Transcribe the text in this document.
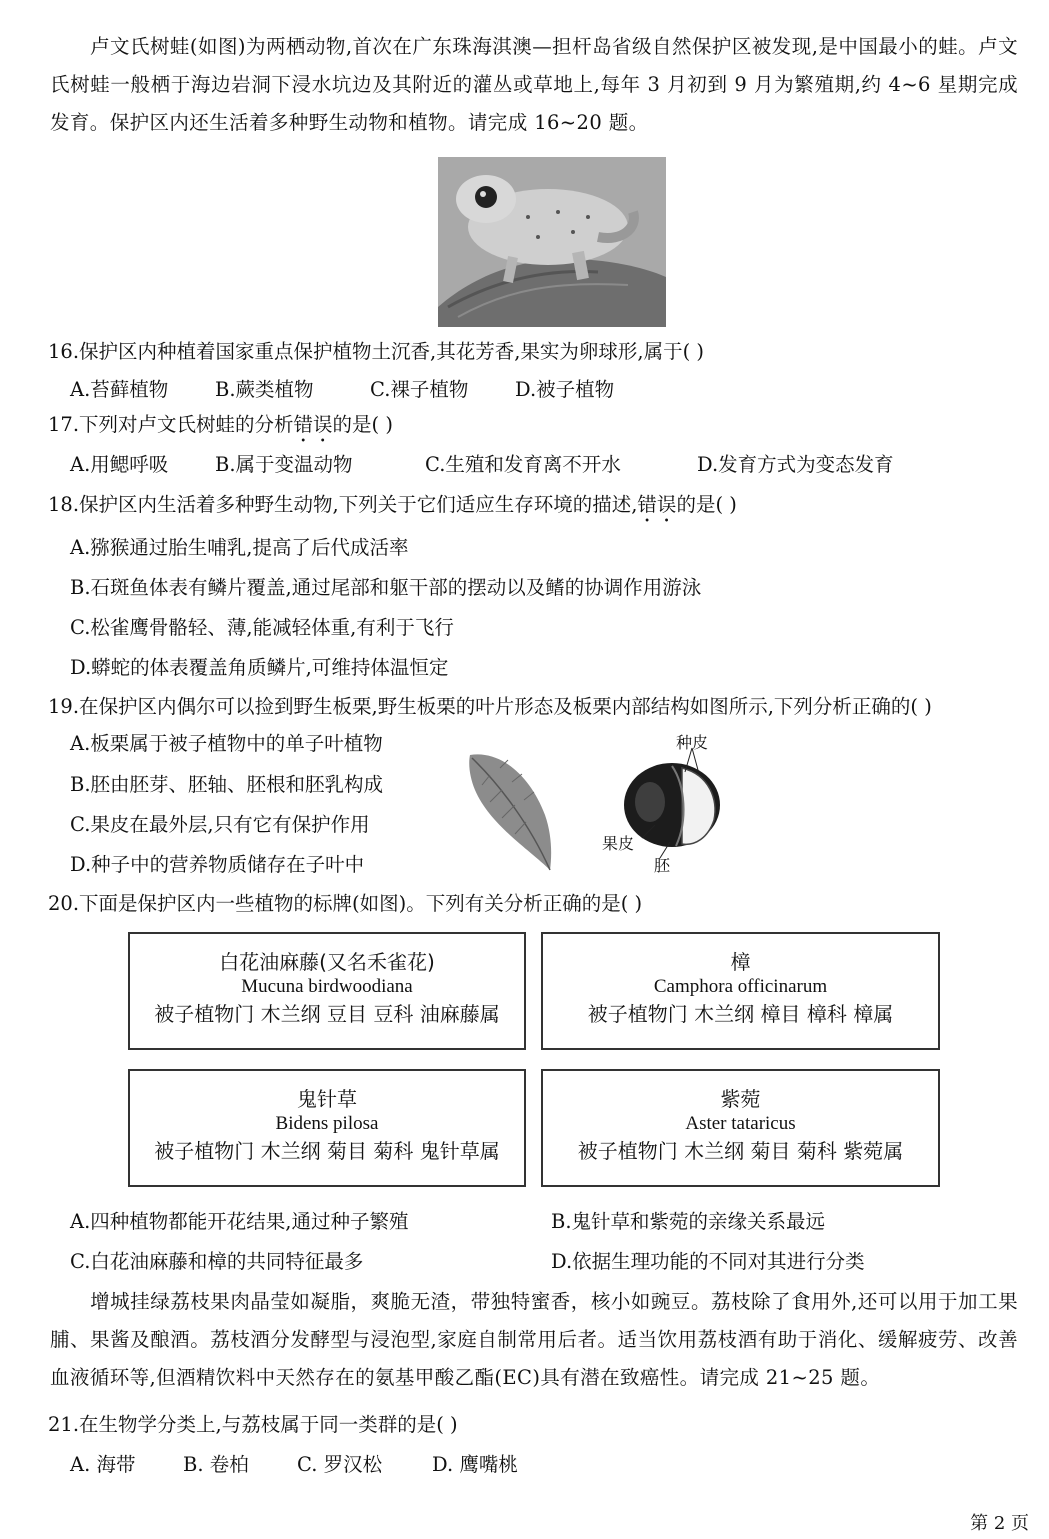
卢文氏树蛙(如图)为两栖动物,首次在广东珠海淇澳—担杆岛省级自然保护区被发现,是中国最小的蛙。卢文氏树蛙一般栖于海边岩洞下浸水坑边及其附近的灌丛或草地上,每年 3 月初到 9 月为繁殖期,约 4~6 星期完成发育。保护区内还生活着多种野生动物和植物。请完成 16~20 题。
16.保护区内种植着国家重点保护植物土沉香,其花芳香,果实为卵球形,属于( )
A.苔藓植物 B.蕨类植物	C.裸子植物 D.被子植物
17.下列对卢文氏树蛙的分析错误的是( )
A.用鳃呼吸 B.属于变温动物	C.生殖和发育离不开水	D.发育方式为变态发育
18.保护区内生活着多种野生动物,下列关于它们适应生存环境的描述,错误的是( )
A.猕猴通过胎生哺乳,提高了后代成活率
B.石斑鱼体表有鳞片覆盖,通过尾部和躯干部的摆动以及鳍的协调作用游泳
C.松雀鹰骨骼轻、薄,能减轻体重,有利于飞行
D.蟒蛇的体表覆盖角质鳞片,可维持体温恒定
19.在保护区内偶尔可以捡到野生板栗,野生板栗的叶片形态及板栗内部结构如图所示,下列分析正确的( )
A.板栗属于被子植物中的单子叶植物
B.胚由胚芽、胚轴、胚根和胚乳构成
C.果皮在最外层,只有它有保护作用
D.种子中的营养物质储存在子叶中
种皮
果皮
胚
20.下面是保护区内一些植物的标牌(如图)。下列有关分析正确的是( )
白花油麻藤(又名禾雀花)
Mucuna birdwoodiana
被子植物门 木兰纲 豆目 豆科 油麻藤属
樟
Camphora officinarum
被子植物门 木兰纲 樟目 樟科 樟属
鬼针草
Bidens pilosa
被子植物门 木兰纲 菊目 菊科 鬼针草属
紫菀
Aster tataricus
被子植物门 木兰纲 菊目 菊科 紫菀属
A.四种植物都能开花结果,通过种子繁殖	B.鬼针草和紫菀的亲缘关系最远
C.白花油麻藤和樟的共同特征最多	D.依据生理功能的不同对其进行分类
增城挂绿荔枝果肉晶莹如凝脂，爽脆无渣，带独特蜜香，核小如豌豆。荔枝除了食用外,还可以用于加工果脯、果酱及酿酒。荔枝酒分发酵型与浸泡型,家庭自制常用后者。适当饮用荔枝酒有助于消化、缓解疲劳、改善血液循环等,但酒精饮料中天然存在的氨基甲酸乙酯(EC)具有潜在致癌性。请完成 21~25 题。
21.在生物学分类上,与荔枝属于同一类群的是( )
A. 海带 B. 卷柏 C. 罗汉松	D. 鹰嘴桃
第 2 页
